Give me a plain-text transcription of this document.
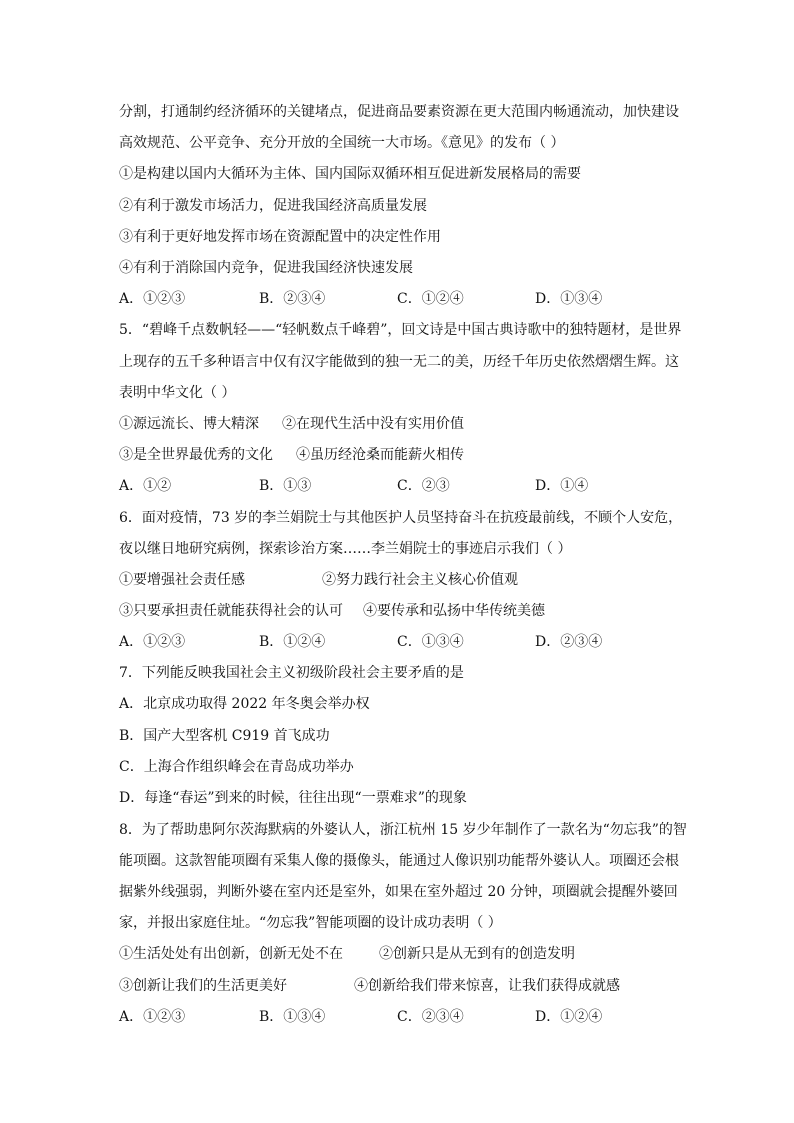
分割，打通制约经济循环的关键堵点，促进商品要素资源在更大范围内畅通流动，加快建设
高效规范、公平竞争、充分开放的全国统一大市场。《意见》的发布（ ）
①是构建以国内大循环为主体、国内国际双循环相互促进新发展格局的需要
②有利于激发市场活力，促进我国经济高质量发展
③有利于更好地发挥市场在资源配置中的决定性作用
④有利于消除国内竞争，促进我国经济快速发展
A．①②③	B．②③④	C．①②④	D．①③④
5．“碧峰千点数帆轻——“轻帆数点千峰碧”，回文诗是中国古典诗歌中的独特题材，是世界
上现存的五千多种语言中仅有汉字能做到的独一无二的美，历经千年历史依然熠熠生辉。这
表明中华文化（ ）
①源远流长、博大精深 ②在现代生活中没有实用价值
③是全世界最优秀的文化 ④虽历经沧桑而能薪火相传
A．①②	B．①③	C．②③	D．①④
6．面对疫情，73 岁的李兰娟院士与其他医护人员坚持奋斗在抗疫最前线，不顾个人安危，
夜以继日地研究病例，探索诊治方案……李兰娟院士的事迹启示我们（ ）
①要增强社会责任感	②努力践行社会主义核心价值观
③只要承担责任就能获得社会的认可 ④要传承和弘扬中华传统美德
A．①②③	B．①②④	C．①③④	D．②③④
7．下列能反映我国社会主义初级阶段社会主要矛盾的是
A．北京成功取得 2022 年冬奥会举办权
B．国产大型客机 C919 首飞成功
C．上海合作组织峰会在青岛成功举办
D．每逢“春运”到来的时候，往往出现“一票难求”的现象
8．为了帮助患阿尔茨海默病的外婆认人，浙江杭州 15 岁少年制作了一款名为“勿忘我”的智
能项圈。这款智能项圈有采集人像的摄像头，能通过人像识别功能帮外婆认人。项圈还会根
据紫外线强弱，判断外婆在室内还是室外，如果在室外超过 20 分钟，项圈就会提醒外婆回
家，并报出家庭住址。“勿忘我”智能项圈的设计成功表明（ ）
①生活处处有出创新，创新无处不在	②创新只是从无到有的创造发明
③创新让我们的生活更美好	④创新给我们带来惊喜，让我们获得成就感
A．①②③	B．①③④	C．②③④	D．①②④
